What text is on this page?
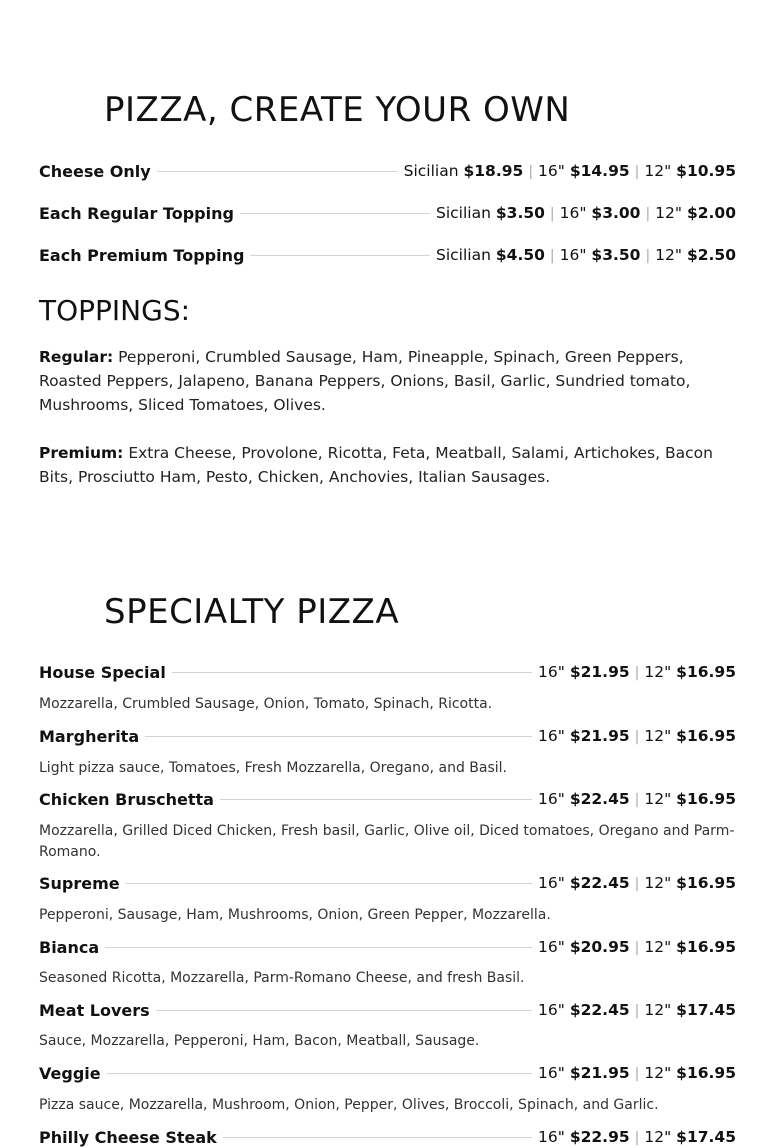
PIZZA, CREATE YOUR OWN
Cheese Only	Sicilian $18.95 | 16" $14.95 | 12" $10.95
Each Regular Topping	Sicilian $3.50 | 16" $3.00 | 12" $2.00
Each Premium Topping	Sicilian $4.50 | 16" $3.50 | 12" $2.50
TOPPINGS:

Regular: Pepperoni, Crumbled Sausage, Ham, Pineapple, Spinach, Green Peppers, Roasted Peppers, Jalapeno, Banana Peppers, Onions, Basil, Garlic, Sundried tomato, Mushrooms, Sliced Tomatoes, Olives.

Premium: Extra Cheese, Provolone, Ricotta, Feta, Meatball, Salami, Artichokes, Bacon Bits, Prosciutto Ham, Pesto, Chicken, Anchovies, Italian Sausages.

SPECIALTY PIZZA
House Special	16" $21.95 | 12" $16.95

Mozzarella, Crumbled Sausage, Onion, Tomato, Spinach, Ricotta.

Margherita	16" $21.95 | 12" $16.95

Light pizza sauce, Tomatoes, Fresh Mozzarella, Oregano, and Basil.

Chicken Bruschetta	16" $22.45 | 12" $16.95

Mozzarella, Grilled Diced Chicken, Fresh basil, Garlic, Olive oil, Diced tomatoes, Oregano and Parm-Romano.

Supreme	16" $22.45 | 12" $16.95

Pepperoni, Sausage, Ham, Mushrooms, Onion, Green Pepper, Mozzarella.

Bianca	16" $20.95 | 12" $16.95

Seasoned Ricotta, Mozzarella, Parm-Romano Cheese, and fresh Basil.

Meat Lovers	16" $22.45 | 12" $17.45

Sauce, Mozzarella, Pepperoni, Ham, Bacon, Meatball, Sausage.

Veggie	16" $21.95 | 12" $16.95

Pizza sauce, Mozzarella, Mushroom, Onion, Pepper, Olives, Broccoli, Spinach, and Garlic.

Philly Cheese Steak	16" $22.95 | 12" $17.45
